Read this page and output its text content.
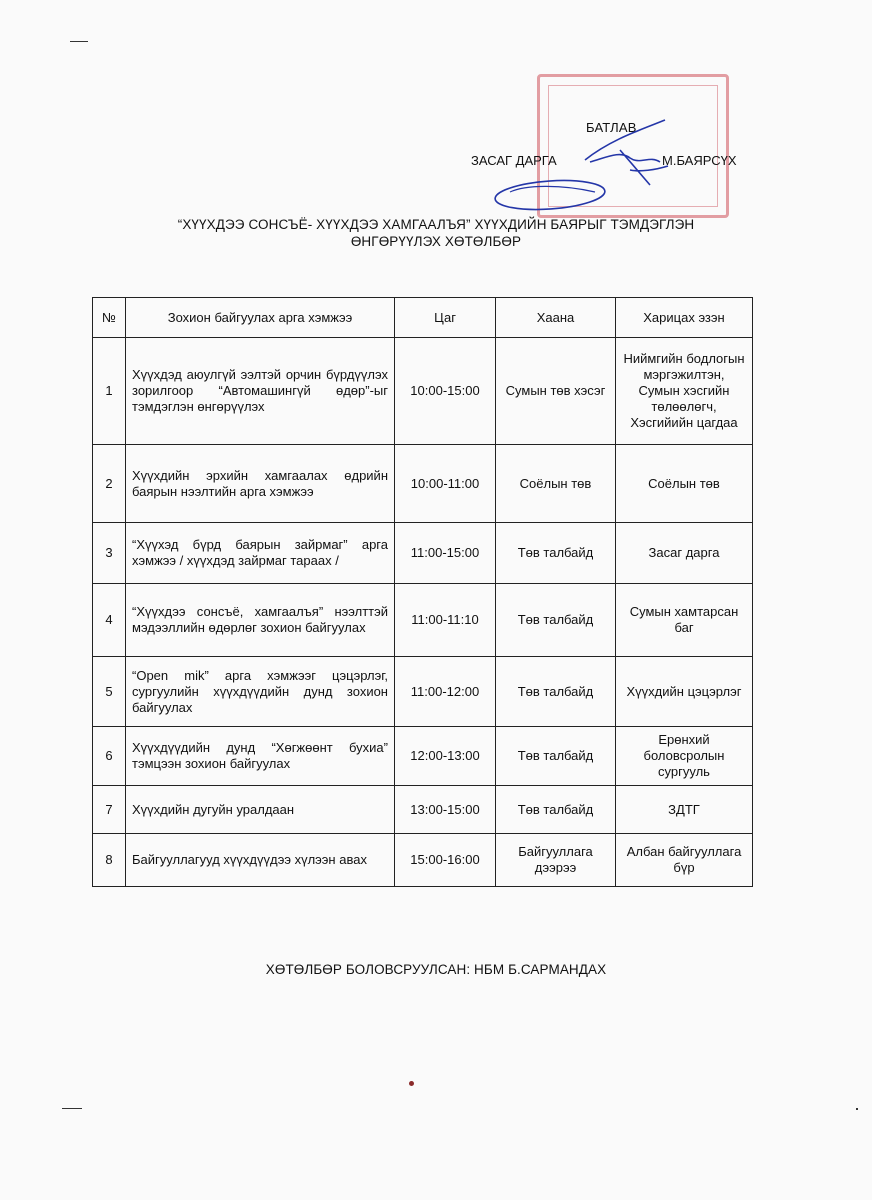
БАТЛАВ
ЗАСАГ ДАРГА	М.БАЯРСҮХ
“ХҮҮХДЭЭ СОНСЪЁ- ХҮҮХДЭЭ ХАМГААЛЪЯ” ХҮҮХДИЙН БАЯРЫГ ТЭМДЭГЛЭН
ӨНГӨРҮҮЛЭХ ХӨТӨЛБӨР
№	Зохион байгуулах арга хэмжээ	Цаг	Хаана	Харицах эзэн
1	Хүүхдэд аюулгүй ээлтэй орчин бүрдүүлэх зорилгоор “Автомашингүй өдөр”-ыг тэмдэглэн өнгөрүүлэх	10:00-15:00	Сумын төв хэсэг	Ниймгийн бодлогын мэргэжилтэн, Сумын хэсгийн төлөөлөгч, Хэсгийийн цагдаа
2	Хүүхдийн эрхийн хамгаалах өдрийн баярын нээлтийн арга хэмжээ	10:00-11:00	Соёлын төв	Соёлын төв
3	“Хүүхэд бүрд баярын зайрмаг” арга хэмжээ / хүүхдэд зайрмаг тараах /	11:00-15:00	Төв талбайд	Засаг дарга
4	“Хүүхдээ сонсъё, хамгаалъя” нээлттэй мэдээллийн өдөрлөг зохион байгуулах	11:00-11:10	Төв талбайд	Сумын хамтарсан баг
5	“Open mik” арга хэмжээг цэцэрлэг, сургуулийн хүүхдүүдийн дунд зохион байгуулах	11:00-12:00	Төв талбайд	Хүүхдийн цэцэрлэг
6	Хүүхдүүдийн дунд “Хөгжөөнт бухиа” тэмцээн зохион байгуулах	12:00-13:00	Төв талбайд	Ерөнхий боловсролын сургууль
7	Хүүхдийн дугуйн уралдаан	13:00-15:00	Төв талбайд	ЗДТГ
8	Байгууллагууд хүүхдүүдээ хүлээн авах	15:00-16:00	Байгууллага дээрээ	Албан байгууллага бүр
ХӨТӨЛБӨР БОЛОВСРУУЛСАН: НБМ Б.САРМАНДАХ
